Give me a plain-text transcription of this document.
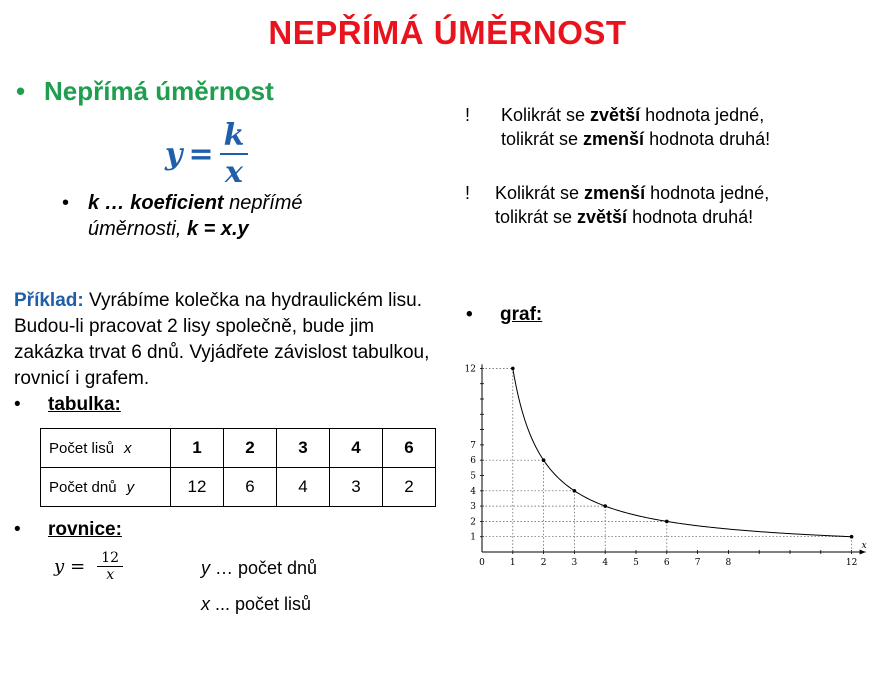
NEPŘÍMÁ ÚMĚRNOST
• Nepřímá úměrnost
$y = \frac{k}{x}$
• k … koeficient nepřímé úměrnosti, k = x.y
! Kolikrát se zvětší hodnota jedné,
tolikrát se zmenší hodnota druhá!
! Kolikrát se zmenší hodnota jedné,
tolikrát se zvětší hodnota druhá!
Příklad: Vyrábíme kolečka na hydraulickém lisu. Budou-li pracovat 2 lisy společně, bude jim zakázka trvat 6 dnů. Vyjádřete závislost tabulkou, rovnicí i grafem.
•	tabulka:
Počet lisů x	1	2	3	4	6
Počet dnů y	12	6	4	3	2
•	rovnice:
$y = \frac{12}{x}$	y … počet dnů
x ... počet lisů
• graf:
1
2
3
4
5
6
7
12
0	1	2	3	4	5	6	7	8	12
x
